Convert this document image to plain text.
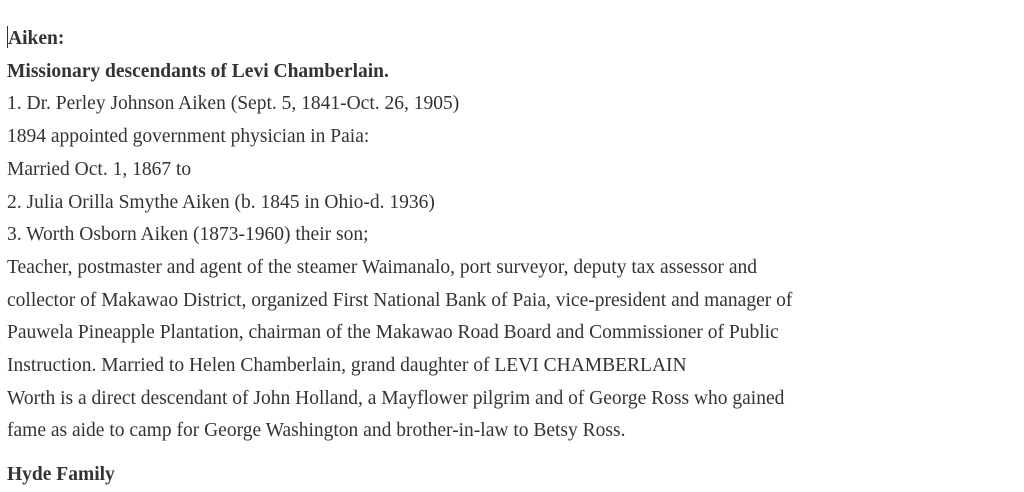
Aiken:
Missionary descendants of Levi Chamberlain.
1. Dr. Perley Johnson Aiken (Sept. 5, 1841-Oct. 26, 1905)
1894 appointed government physician in Paia:
Married Oct. 1, 1867 to
2. Julia Orilla Smythe Aiken (b. 1845 in Ohio-d. 1936)
3. Worth Osborn Aiken (1873-1960) their son;
Teacher, postmaster and agent of the steamer Waimanalo, port surveyor, deputy tax assessor and
collector of Makawao District, organized First National Bank of Paia, vice-president and manager of
Pauwela Pineapple Plantation, chairman of the Makawao Road Board and Commissioner of Public
Instruction. Married to Helen Chamberlain, grand daughter of LEVI CHAMBERLAIN
Worth is a direct descendant of John Holland, a Mayflower pilgrim and of George Ross who gained
fame as aide to camp for George Washington and brother-in-law to Betsy Ross.
Hyde Family
